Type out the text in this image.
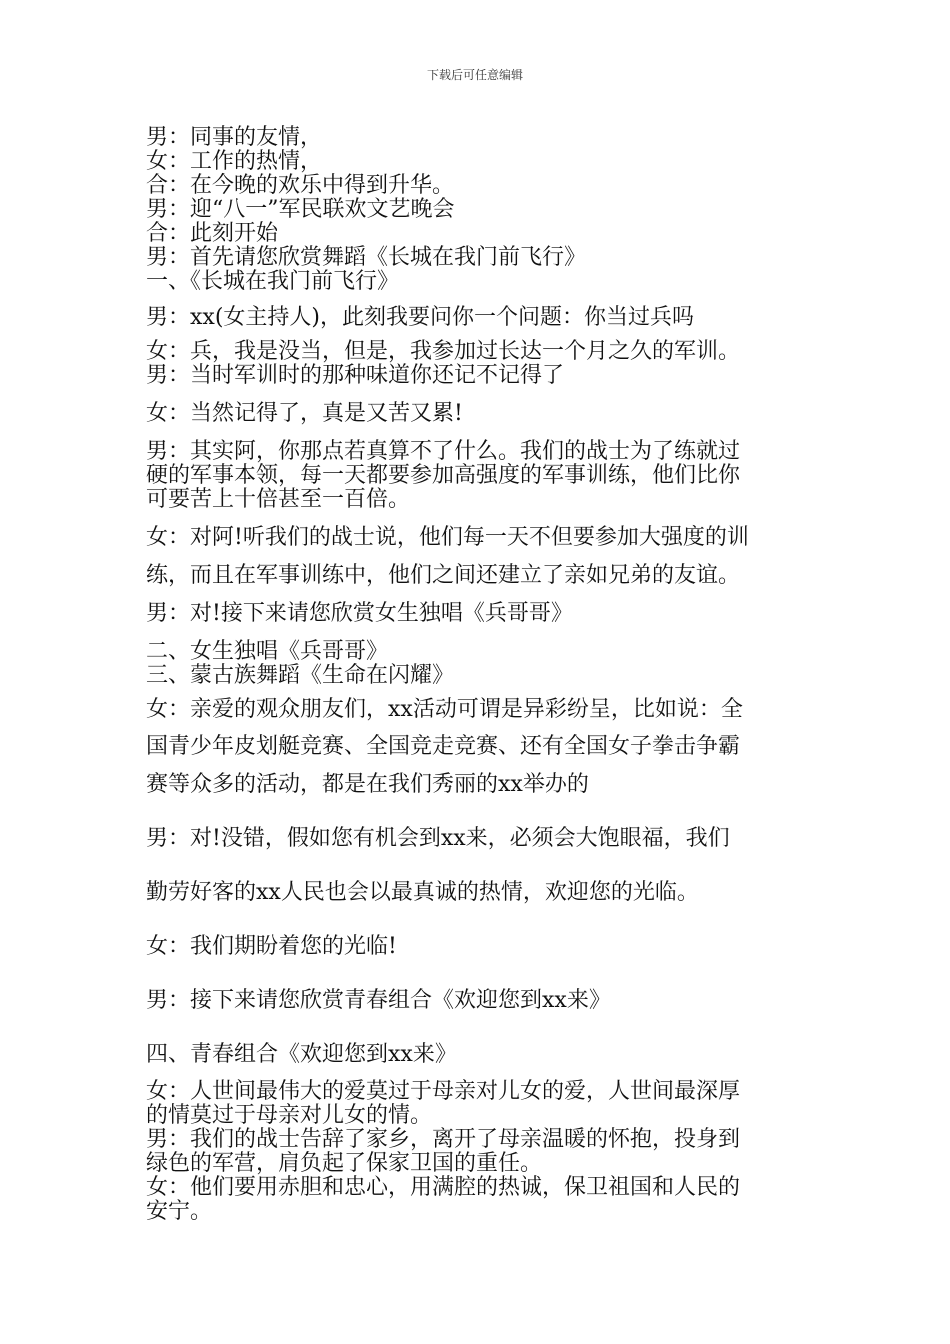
下载后可任意编辑
男：同事的友情，
女：工作的热情，
合：在今晚的欢乐中得到升华。
男：迎“八一”军民联欢文艺晚会
合：此刻开始
男：首先请您欣赏舞蹈《长城在我门前飞行》
一、《长城在我门前飞行》
男：xx(女主持人)，此刻我要问你一个问题：你当过兵吗
女：兵，我是没当，但是，我参加过长达一个月之久的军训。
男：当时军训时的那种味道你还记不记得了
女：当然记得了，真是又苦又累!
男：其实阿，你那点若真算不了什么。我们的战士为了练就过
硬的军事本领，每一天都要参加高强度的军事训练，他们比你
可要苦上十倍甚至一百倍。
女：对阿!听我们的战士说，他们每一天不但要参加大强度的训
练，而且在军事训练中，他们之间还建立了亲如兄弟的友谊。
男：对!接下来请您欣赏女生独唱《兵哥哥》
二、女生独唱《兵哥哥》
三、蒙古族舞蹈《生命在闪耀》
女：亲爱的观众朋友们，xx活动可谓是异彩纷呈，比如说：全
国青少年皮划艇竞赛、全国竞走竞赛、还有全国女子拳击争霸
赛等众多的活动，都是在我们秀丽的xx举办的
男：对!没错，假如您有机会到xx来，必须会大饱眼福，我们
勤劳好客的xx人民也会以最真诚的热情，欢迎您的光临。
女：我们期盼着您的光临!
男：接下来请您欣赏青春组合《欢迎您到xx来》
四、青春组合《欢迎您到xx来》
女：人世间最伟大的爱莫过于母亲对儿女的爱，人世间最深厚
的情莫过于母亲对儿女的情。
男：我们的战士告辞了家乡，离开了母亲温暖的怀抱，投身到
绿色的军营，肩负起了保家卫国的重任。
女：他们要用赤胆和忠心，用满腔的热诚，保卫祖国和人民的
安宁。
